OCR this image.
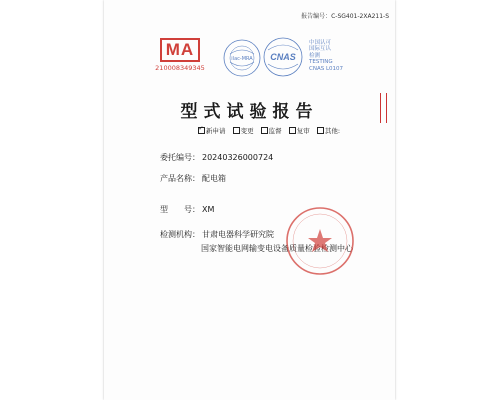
报告编号：C-SG401-2XA211-S
MA
210008349345
ilac-MRA CNAS
中国认可
国际互认
检测
TESTING
CNAS L0107
型式试验报告
✓新申请 变更 监督 复审 其他:
委托编号： 20240326000724
产品名称： 配电箱
型　　号： XM
检测机构： 甘肃电器科学研究院
国家智能电网输变电设备质量检验检测中心
